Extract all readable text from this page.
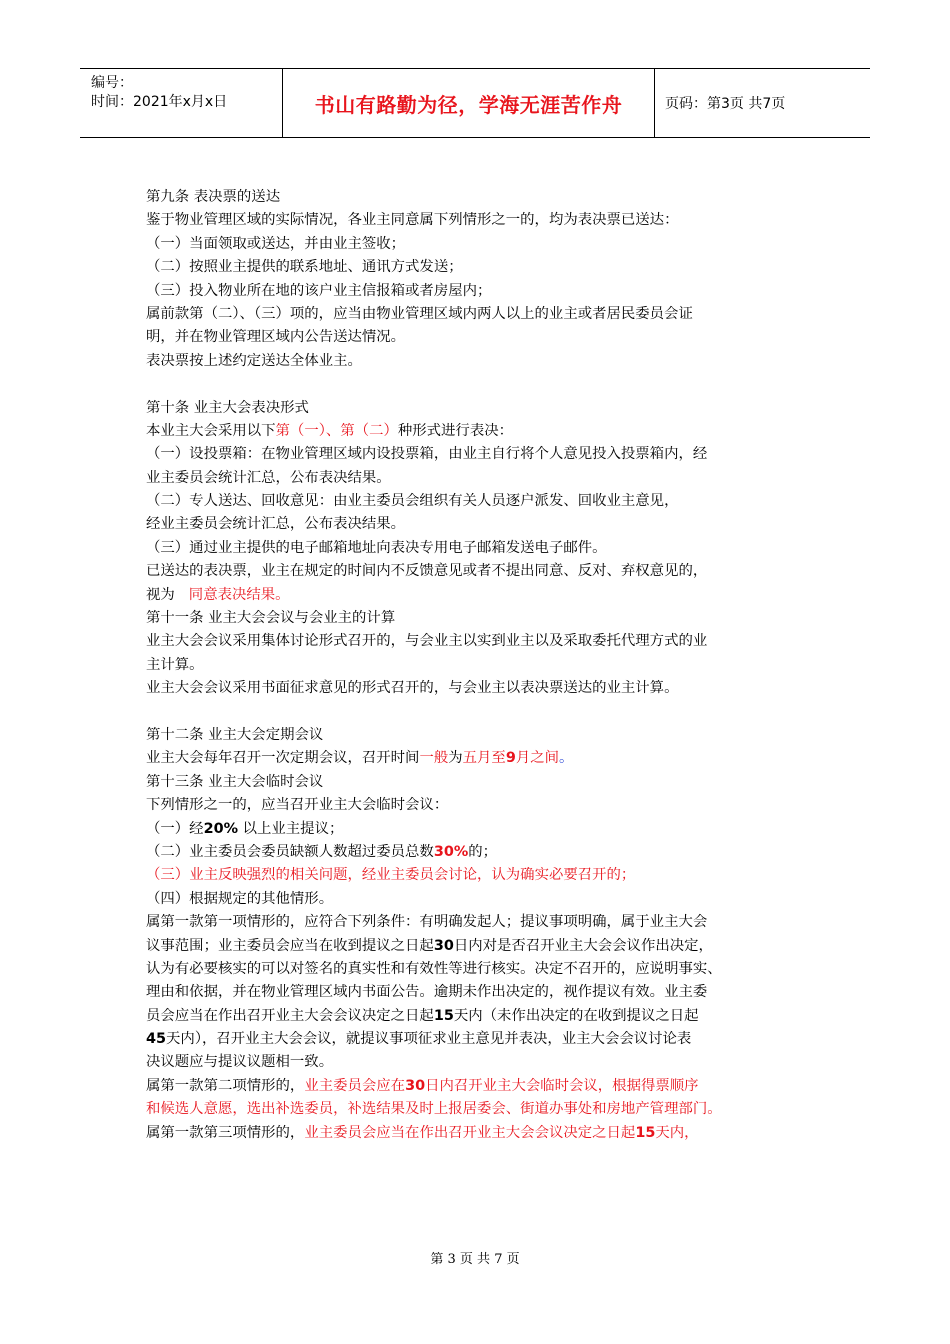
编号：
时间：2021年x月x日	书山有路勤为径，学海无涯苦作舟	页码：第3页 共7页
第九条 表决票的送达
鉴于物业管理区域的实际情况，各业主同意属下列情形之一的，均为表决票已送达：
（一）当面领取或送达，并由业主签收；
（二）按照业主提供的联系地址、通讯方式发送；
（三）投入物业所在地的该户业主信报箱或者房屋内；
属前款第（二）、（三）项的，应当由物业管理区域内两人以上的业主或者居民委员会证
明，并在物业管理区域内公告送达情况。
表决票按上述约定送达全体业主。
第十条 业主大会表决形式
本业主大会采用以下第（一）、第（二）种形式进行表决：
（一）设投票箱：在物业管理区域内设投票箱，由业主自行将个人意见投入投票箱内，经
业主委员会统计汇总，公布表决结果。
（二）专人送达、回收意见：由业主委员会组织有关人员逐户派发、回收业主意见，
经业主委员会统计汇总，公布表决结果。
（三）通过业主提供的电子邮箱地址向表决专用电子邮箱发送电子邮件。
已送达的表决票，业主在规定的时间内不反馈意见或者不提出同意、反对、弃权意见的，
视为 同意表决结果。
第十一条 业主大会会议与会业主的计算
业主大会会议采用集体讨论形式召开的，与会业主以实到业主以及采取委托代理方式的业
主计算。
业主大会会议采用书面征求意见的形式召开的，与会业主以表决票送达的业主计算。
第十二条 业主大会定期会议
业主大会每年召开一次定期会议，召开时间一般为五月至9月之间。
第十三条 业主大会临时会议
下列情形之一的，应当召开业主大会临时会议：
（一）经20% 以上业主提议；
（二）业主委员会委员缺额人数超过委员总数30%的；
（三）业主反映强烈的相关问题，经业主委员会讨论，认为确实必要召开的；
（四）根据规定的其他情形。
属第一款第一项情形的，应符合下列条件：有明确发起人；提议事项明确，属于业主大会
议事范围；业主委员会应当在收到提议之日起30日内对是否召开业主大会会议作出决定，
认为有必要核实的可以对签名的真实性和有效性等进行核实。决定不召开的，应说明事实、
理由和依据，并在物业管理区域内书面公告。逾期未作出决定的，视作提议有效。业主委
员会应当在作出召开业主大会会议决定之日起15天内（未作出决定的在收到提议之日起
45天内），召开业主大会会议，就提议事项征求业主意见并表决，业主大会会议讨论表
决议题应与提议议题相一致。
属第一款第二项情形的，业主委员会应在30日内召开业主大会临时会议，根据得票顺序
和候选人意愿，选出补选委员，补选结果及时上报居委会、街道办事处和房地产管理部门。
属第一款第三项情形的，业主委员会应当在作出召开业主大会会议决定之日起15天内，
第 3 页 共 7 页
